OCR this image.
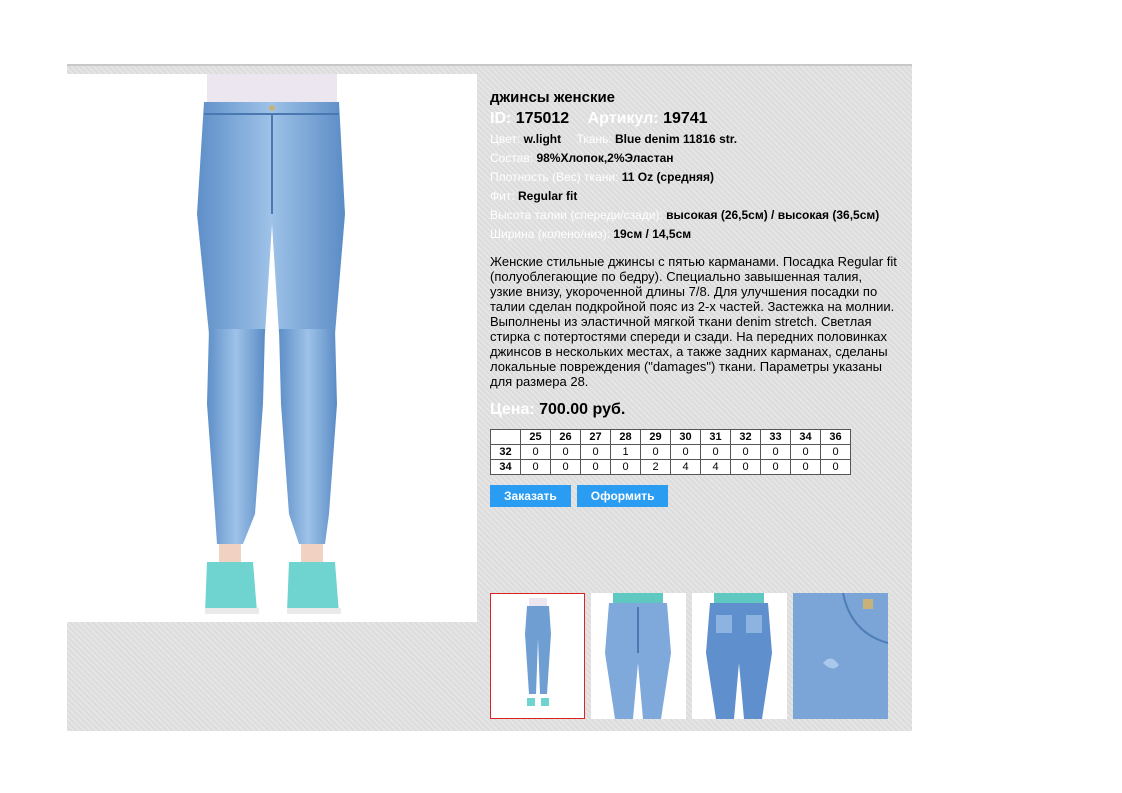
джинсы женские
ID: 175012 Артикул: 19741
Цвет: w.light Ткань: Blue denim 11816 str.
Состав: 98%Хлопок,2%Эластан
Плотность (Вес) ткани: 11 Oz (средняя)
Фит: Regular fit
Высота талии (спереди/сзади): высокая (26,5см) / высокая (36,5см)
Ширина (колено/низ): 19см / 14,5см
Женские стильные джинсы с пятью карманами. Посадка Regular fit (полуоблегающие по бедру). Специально завышенная талия, узкие внизу, укороченной длины 7/8. Для улучшения посадки по талии сделан подкройной пояс из 2-х частей. Застежка на молнии. Выполнены из эластичной мягкой ткани denim stretch. Светлая стирка с потертостями спереди и сзади. На передних половинках джинсов в нескольких местах, а также задних карманах, сделаны локальные повреждения ("damages") ткани. Параметры указаны для размера 28.
Цена: 700.00 руб.
	25	26	27	28	29	30	31	32	33	34	36
32	0	0	0	1	0	0	0	0	0	0	0
34	0	0	0	0	2	4	4	0	0	0	0
Заказать	Оформить
